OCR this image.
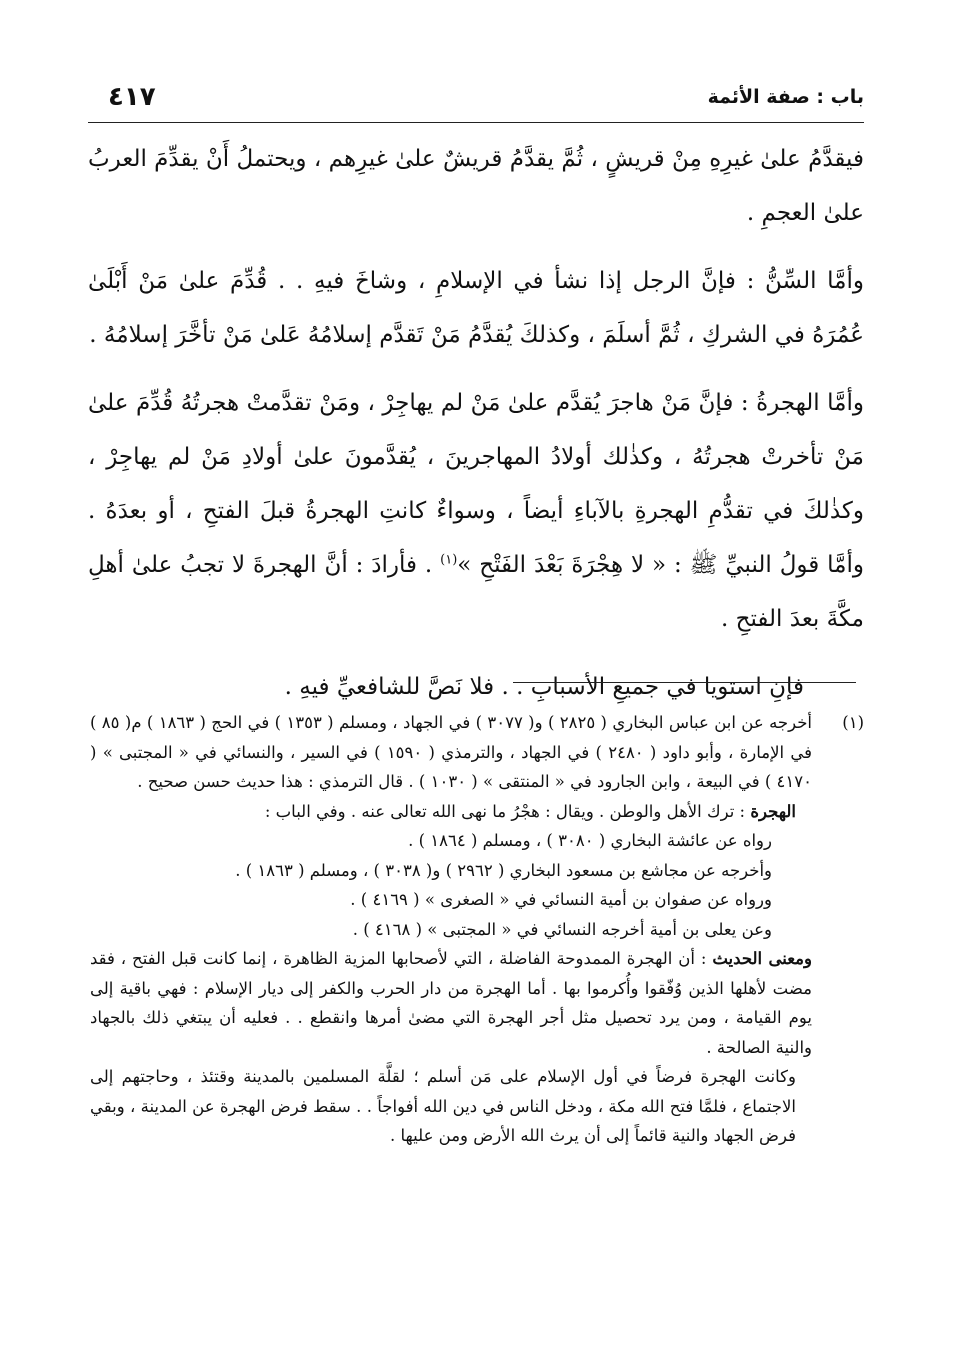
باب : صفة الأئمة
٤١٧

فيقدَّمُ علىٰ غيرِهِ مِنْ قريشٍ ، ثُمَّ يقدَّمُ قريشٌ علىٰ غيرِهم ، ويحتملُ أَنْ يقدِّمَ العربُ علىٰ العجمِ .

وأمَّا السِّنُّ : فإنَّ الرجل إذا نشأ في الإسلامِ ، وشاخَ فيهِ . . قُدِّمَ علىٰ مَنْ أَبْلَىٰ عُمُرَهُ في الشركِ ، ثُمَّ أسلَمَ ، وكذلكَ يُقدَّمُ مَنْ تَقدَّم إسلامُهُ عَلىٰ مَنْ تأخَّرَ إسلامُهُ .

وأمَّا الهجرةُ : فإنَّ مَنْ هاجرَ يُقدَّم علىٰ مَنْ لم يهاجِرْ ، ومَنْ تقدَّمتْ هجرتُهُ قُدِّمَ علىٰ مَنْ تأخرتْ هجرتُهُ ، وكذٰلك أولادُ المهاجرينَ ، يُقدَّمونَ علىٰ أولادِ مَنْ لم يهاجِرْ ، وكذٰلكَ في تقدُّمِ الهجرةِ بالآباءِ أيضاً ، وسواءٌ كانتِ الهجرةُ قبلَ الفتحِ ، أو بعدَهُ . وأمَّا قولُ النبيِّ ﷺ : « لا هِجْرَةَ بَعْدَ الفَتْحِ »$^{(١)}$ . فأرادَ : أنَّ الهجرةَ لا تجبُ علىٰ أهلِ مكَّةَ بعدَ الفتحِ .

فإنِ استويا في جميعِ الأسبابِ . . فلا نَصَّ للشافعيِّ فيهِ .

(١)

أخرجه عن ابن عباس البخاري ( ٢٨٢٥ ) و( ٣٠٧٧ ) في الجهاد ، ومسلم ( ١٣٥٣ ) في الحج ( ١٨٦٣ ) م( ٨٥ ) في الإمارة ، وأبو داود ( ٢٤٨٠ ) في الجهاد ، والترمذي ( ١٥٩٠ ) في السير ، والنسائي في « المجتبى » ( ٤١٧٠ ) في البيعة ، وابن الجارود في « المنتقى » ( ١٠٣٠ ) . قال الترمذي : هذا حديث حسن صحيح .

الهجرة : ترك الأهل والوطن . ويقال : هجْرُ ما نهى الله تعالى عنه . وفي الباب :

رواه عن عائشة البخاري ( ٣٠٨٠ ) ، ومسلم ( ١٨٦٤ ) .

وأخرجه عن مجاشع بن مسعود البخاري ( ٢٩٦٢ ) و( ٣٠٣٨ ) ، ومسلم ( ١٨٦٣ ) .

ورواه عن صفوان بن أمية النسائي في « الصغرى » ( ٤١٦٩ ) .

وعن يعلى بن أمية أخرجه النسائي في « المجتبى » ( ٤١٦٨ ) .

ومعنى الحديث : أن الهجرة الممدوحة الفاضلة ، التي لأصحابها المزية الظاهرة ، إنما كانت قبل الفتح ، فقد مضت لأهلها الذين وُفّقوا وأُكرموا بها . أما الهجرة من دار الحرب والكفر إلى ديار الإسلام : فهي باقية إلى يوم القيامة ، ومن يرد تحصيل مثل أجر الهجرة التي مضىٰ أمرها وانقطع . . فعليه أن يبتغي ذلك بالجهاد والنية الصالحة .

وكانت الهجرة فرضاً في أول الإسلام على مَن أسلم ؛ لقلَّة المسلمين بالمدينة وقتئذ ، وحاجتهم إلى الاجتماع ، فلمَّا فتح الله مكة ، ودخل الناس في دين الله أفواجاً . . سقط فرض الهجرة عن المدينة ، وبقي فرض الجهاد والنية قائماً إلى أن يرث الله الأرض ومن عليها .
